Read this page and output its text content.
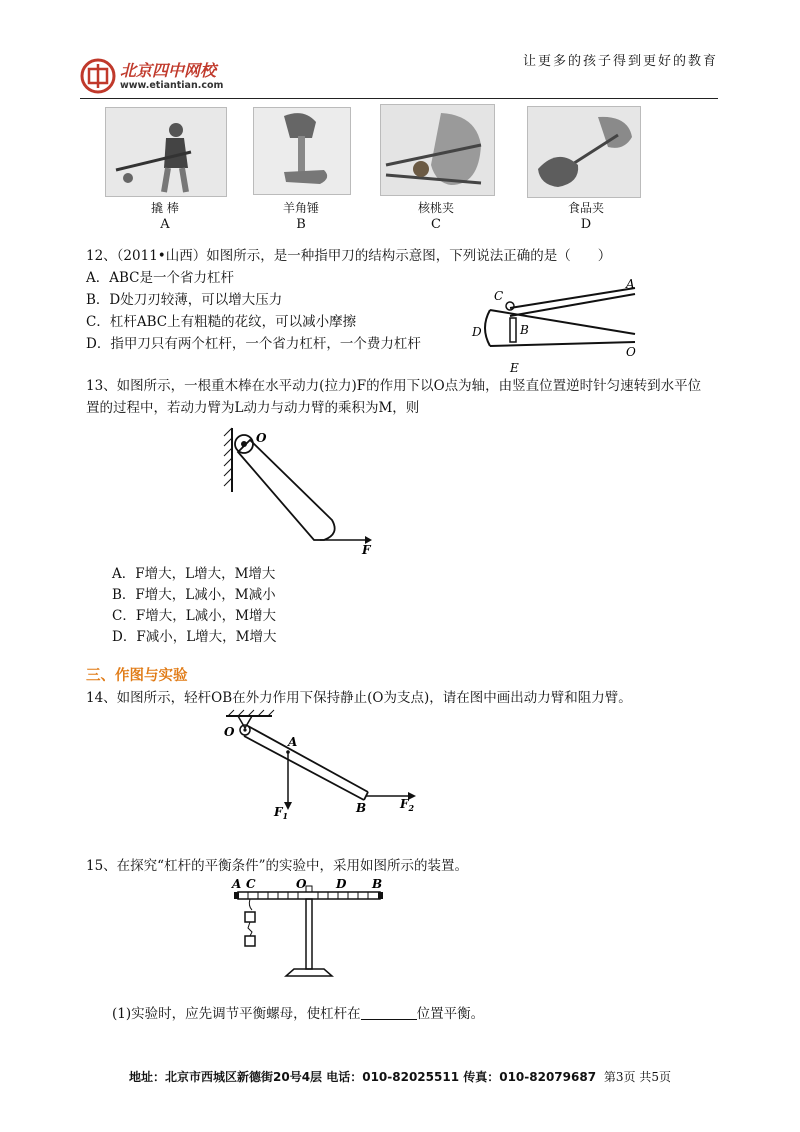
北京四中网校
www.etiantian.com
让更多的孩子得到更好的教育
撬 棒	羊角锤	核桃夹	食品夹
A	B	C	D
12、（2011•山西）如图所示，是一种指甲刀的结构示意图，下列说法正确的是（　　）
A．ABC是一个省力杠杆
B．D处刀刃较薄，可以增大压力
C．杠杆ABC上有粗糙的花纹，可以减小摩擦
D．指甲刀只有两个杠杆，一个省力杠杆，一个费力杠杆
C
A
D	B
O
E
13、如图所示，一根重木棒在水平动力(拉力)F的作用下以O点为轴，由竖直位置逆时针匀速转到水平位
置的过程中，若动力臂为L动力与动力臂的乘积为M，则
O
F
A．F增大，L增大，M增大
B．F增大，L减小，M减小
C．F增大，L减小，M增大
D．F减小，L增大，M增大
三、作图与实验
14、如图所示，轻杆OB在外力作用下保持静止(O为支点)，请在图中画出动力臂和阻力臂。
O
A
B
$F_1$
$F_2$
15、在探究“杠杆的平衡条件”的实验中，采用如图所示的装置。
A C	O D B
(1)实验时，应先调节平衡螺母，使杠杆在	位置平衡。
地址：北京市西城区新德街20号4层 电话：010-82025511 传真：010-82079687 第3页 共5页
